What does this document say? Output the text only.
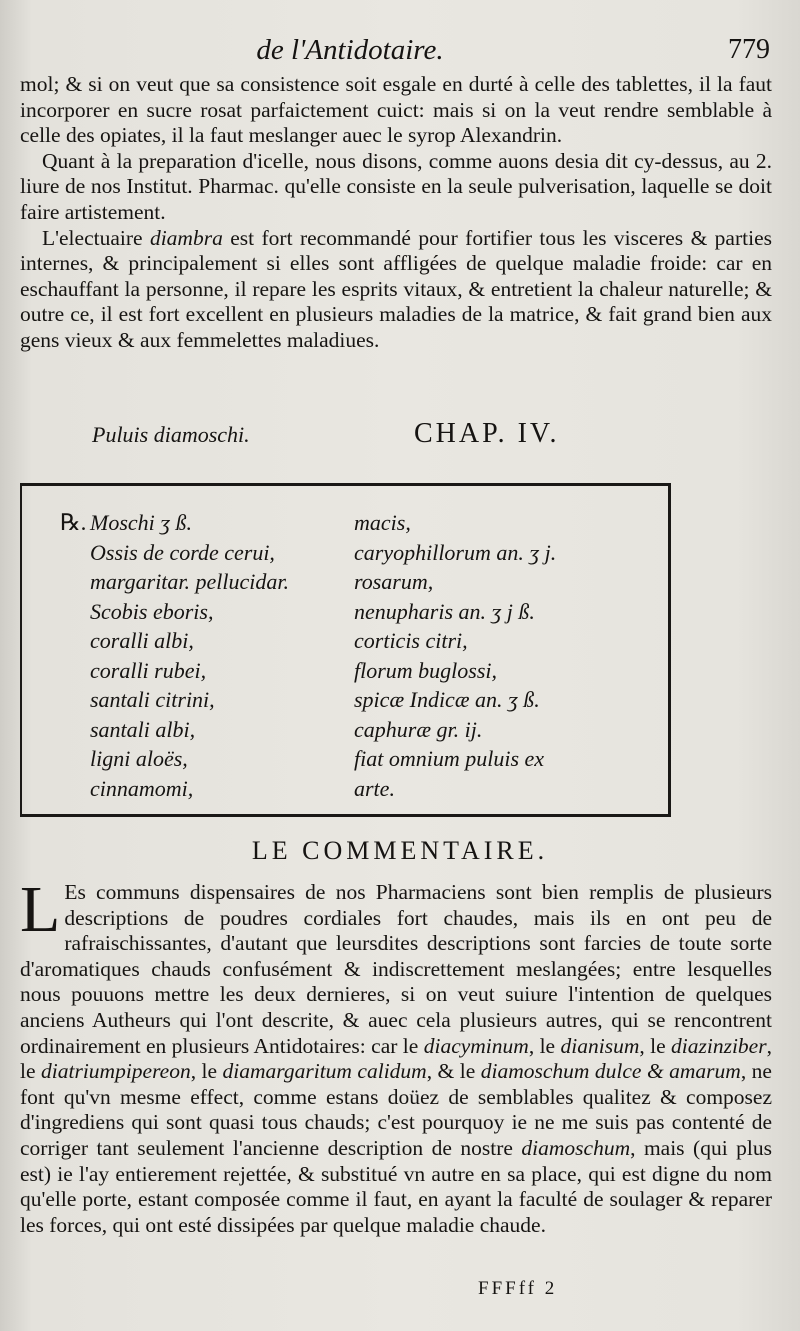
de l'Antidotaire.	779

mol; & si on veut que sa consistence soit esgale en durté à celle des tablettes, il la faut incorporer en sucre rosat parfaictement cuict: mais si on la veut rendre semblable à celle des opiates, il la faut meslanger auec le syrop Alexandrin.

Quant à la preparation d'icelle, nous disons, comme auons desia dit cy-dessus, au 2. liure de nos Institut. Pharmac. qu'elle consiste en la seule pulverisation, laquelle se doit faire artistement.

L'electuaire diambra est fort recommandé pour fortifier tous les visceres & parties internes, & principalement si elles sont affligées de quelque maladie froide: car en eschauffant la personne, il repare les esprits vitaux, & entretient la chaleur naturelle; & outre ce, il est fort excellent en plusieurs maladies de la matrice, & fait grand bien aux gens vieux & aux femmelettes maladiues.

Puluis diamoschi.	CHAP. IV.
℞. Moschi ʒ ß.
Ossis de corde cerui,
margaritar. pellucidar.
Scobis eboris,
coralli albi,
coralli rubei,
santali citrini,
santali albi,
ligni aloës,
cinnamomi,
macis,
caryophillorum an. ʒ j.
rosarum,
nenupharis an. ʒ j ß.
corticis citri,
florum buglossi,
spicæ Indicæ an. ʒ ß.
caphuræ gr. ij.
fiat omnium puluis ex
arte.
LE COMMENTAIRE.

L Es communs dispensaires de nos Pharmaciens sont bien remplis de plusieurs descriptions de poudres cordiales fort chaudes, mais ils en ont peu de rafraischissantes, d'autant que leursdites descriptions sont farcies de toute sorte d'aromatiques chauds confusément & indiscrettement meslangées; entre lesquelles nous pouuons mettre les deux dernieres, si on veut suiure l'intention de quelques anciens Autheurs qui l'ont descrite, & auec cela plusieurs autres, qui se rencontrent ordinairement en plusieurs Antidotaires: car le diacyminum, le dianisum, le diazinziber, le diatriumpipereon, le diamargaritum calidum, & le diamoschum dulce & amarum, ne font qu'vn mesme effect, comme estans doüez de semblables qualitez & composez d'ingrediens qui sont quasi tous chauds; c'est pourquoy ie ne me suis pas contenté de corriger tant seulement l'ancienne description de nostre diamoschum, mais (qui plus est) ie l'ay entierement rejettée, & substitué vn autre en sa place, qui est digne du nom qu'elle porte, estant composée comme il faut, en ayant la faculté de soulager & reparer les forces, qui ont esté dissipées par quelque maladie chaude.

FFFff 2
